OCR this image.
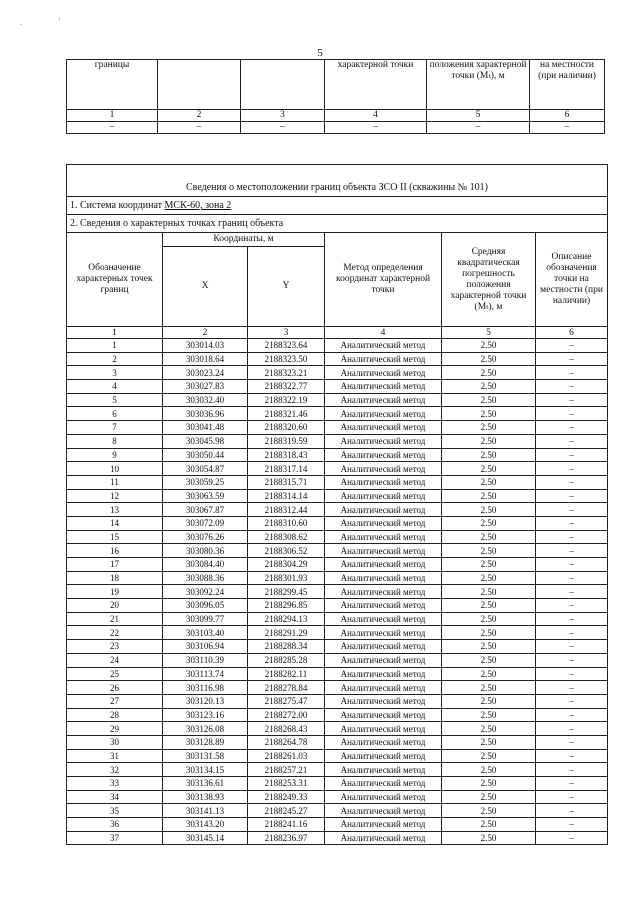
.	›
5
границы			характерной точки	положения характерной точки (Mₜ), м	на местности (при наличии)
1	2	3	4	5	6
–	–	–	–	–	–
Сведения о местоположении границ объекта ЗСО II (скважины № 101)					
1. Система координат МСК-60, зона 2					
2. Сведения о характерных точках границ объекта					
Обозначение характерных точек границ	Координаты, м		Метод определения координат характерной точки	Средняя квадратическая погрешность положения характерной точки (Mₜ), м	Описание обозначения точки на местности (при наличии)
	X	Y			
1	2	3	4	5	6
1	303014.03	2188323.64	Аналитический метод	2.50	–
2	303018.64	2188323.50	Аналитический метод	2.50	–
3	303023.24	2188323.21	Аналитический метод	2.50	–
4	303027.83	2188322.77	Аналитический метод	2.50	–
5	303032.40	2188322.19	Аналитический метод	2.50	–
6	303036.96	2188321.46	Аналитический метод	2.50	–
7	303041.48	2188320.60	Аналитический метод	2.50	–
8	303045.98	2188319.59	Аналитический метод	2.50	–
9	303050.44	2188318.43	Аналитический метод	2.50	–
10	303054.87	2188317.14	Аналитический метод	2.50	–
11	303059.25	2188315.71	Аналитический метод	2.50	–
12	303063.59	2188314.14	Аналитический метод	2.50	–
13	303067.87	2188312.44	Аналитический метод	2.50	–
14	303072.09	2188310.60	Аналитический метод	2.50	–
15	303076.26	2188308.62	Аналитический метод	2.50	–
16	303080.36	2188306.52	Аналитический метод	2.50	–
17	303084.40	2188304.29	Аналитический метод	2.50	–
18	303088.36	2188301.93	Аналитический метод	2.50	–
19	303092.24	2188299.45	Аналитический метод	2.50	–
20	303096.05	2188296.85	Аналитический метод	2.50	–
21	303099.77	2188294.13	Аналитический метод	2.50	–
22	303103.40	2188291.29	Аналитический метод	2.50	–
23	303106.94	2188288.34	Аналитический метод	2.50	–
24	303110.39	2188285.28	Аналитический метод	2.50	–
25	303113.74	2188282.11	Аналитический метод	2.50	–
26	303116.98	2188278.84	Аналитический метод	2.50	–
27	303120.13	2188275.47	Аналитический метод	2.50	–
28	303123.16	2188272.00	Аналитический метод	2.50	–
29	303126.08	2188268.43	Аналитический метод	2.50	–
30	303128.89	2188264.78	Аналитический метод	2.50	–
31	303131.58	2188261.03	Аналитический метод	2.50	–
32	303134.15	2188257.21	Аналитический метод	2.50	–
33	303136.61	2188253.31	Аналитический метод	2.50	–
34	303138.93	2188249.33	Аналитический метод	2.50	–
35	303141.13	2188245.27	Аналитический метод	2.50	–
36	303143.20	2188241.16	Аналитический метод	2.50	–
37	303145.14	2188236.97	Аналитический метод	2.50	–
